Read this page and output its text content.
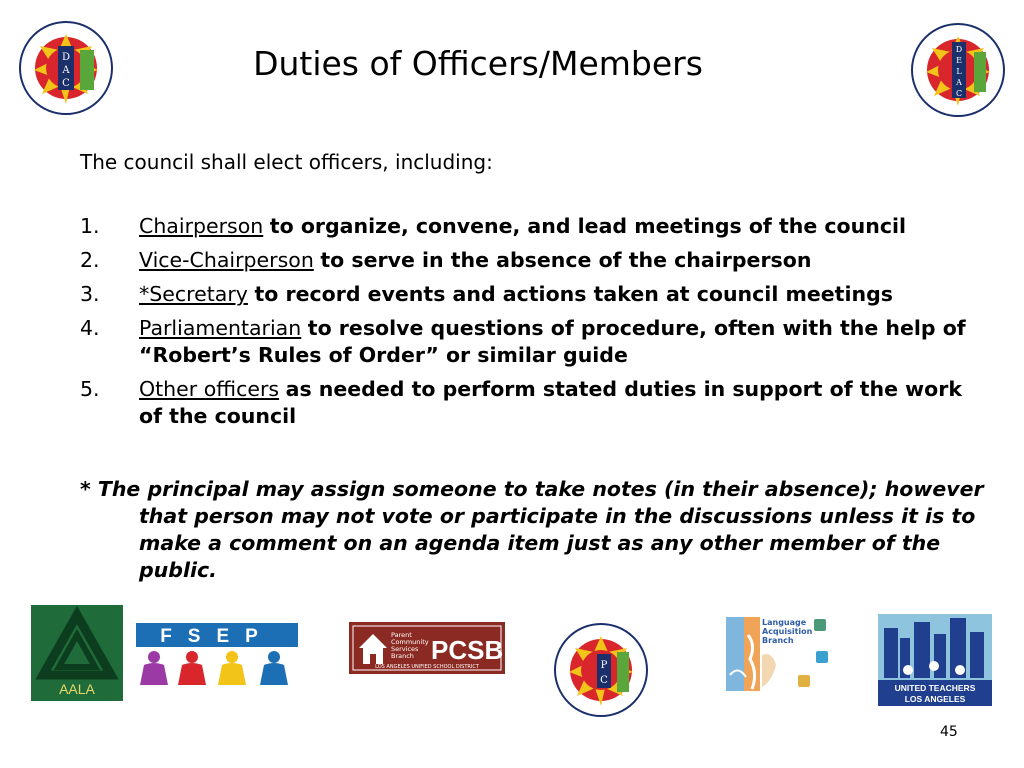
D
A
C
Duties of Officers/Members	D
E
L
A
C
The council shall elect officers, including:
1. Chairperson to organize, convene, and lead meetings of the council
2. Vice-Chairperson to serve in the absence of the chairperson
3. *Secretary to record events and actions taken at council meetings
4. Parliamentarian to resolve questions of procedure, often with the help of “Robert’s Rules of Order” or similar guide
5. Other officers as needed to perform stated duties in support of the work of the council
* The principal may assign someone to take notes (in their absence); however that person may not vote or participate in the discussions unless it is to make a comment on an agenda item just as any other member of the public.
AALA
FSEP	Parent
Community
Services
Branch PCSB
LOS ANGELES UNIFIED SCHOOL DISTRICT	P
C
Language
Acquisition
Branch
UNITED TEACHERS
LOS ANGELES
45
